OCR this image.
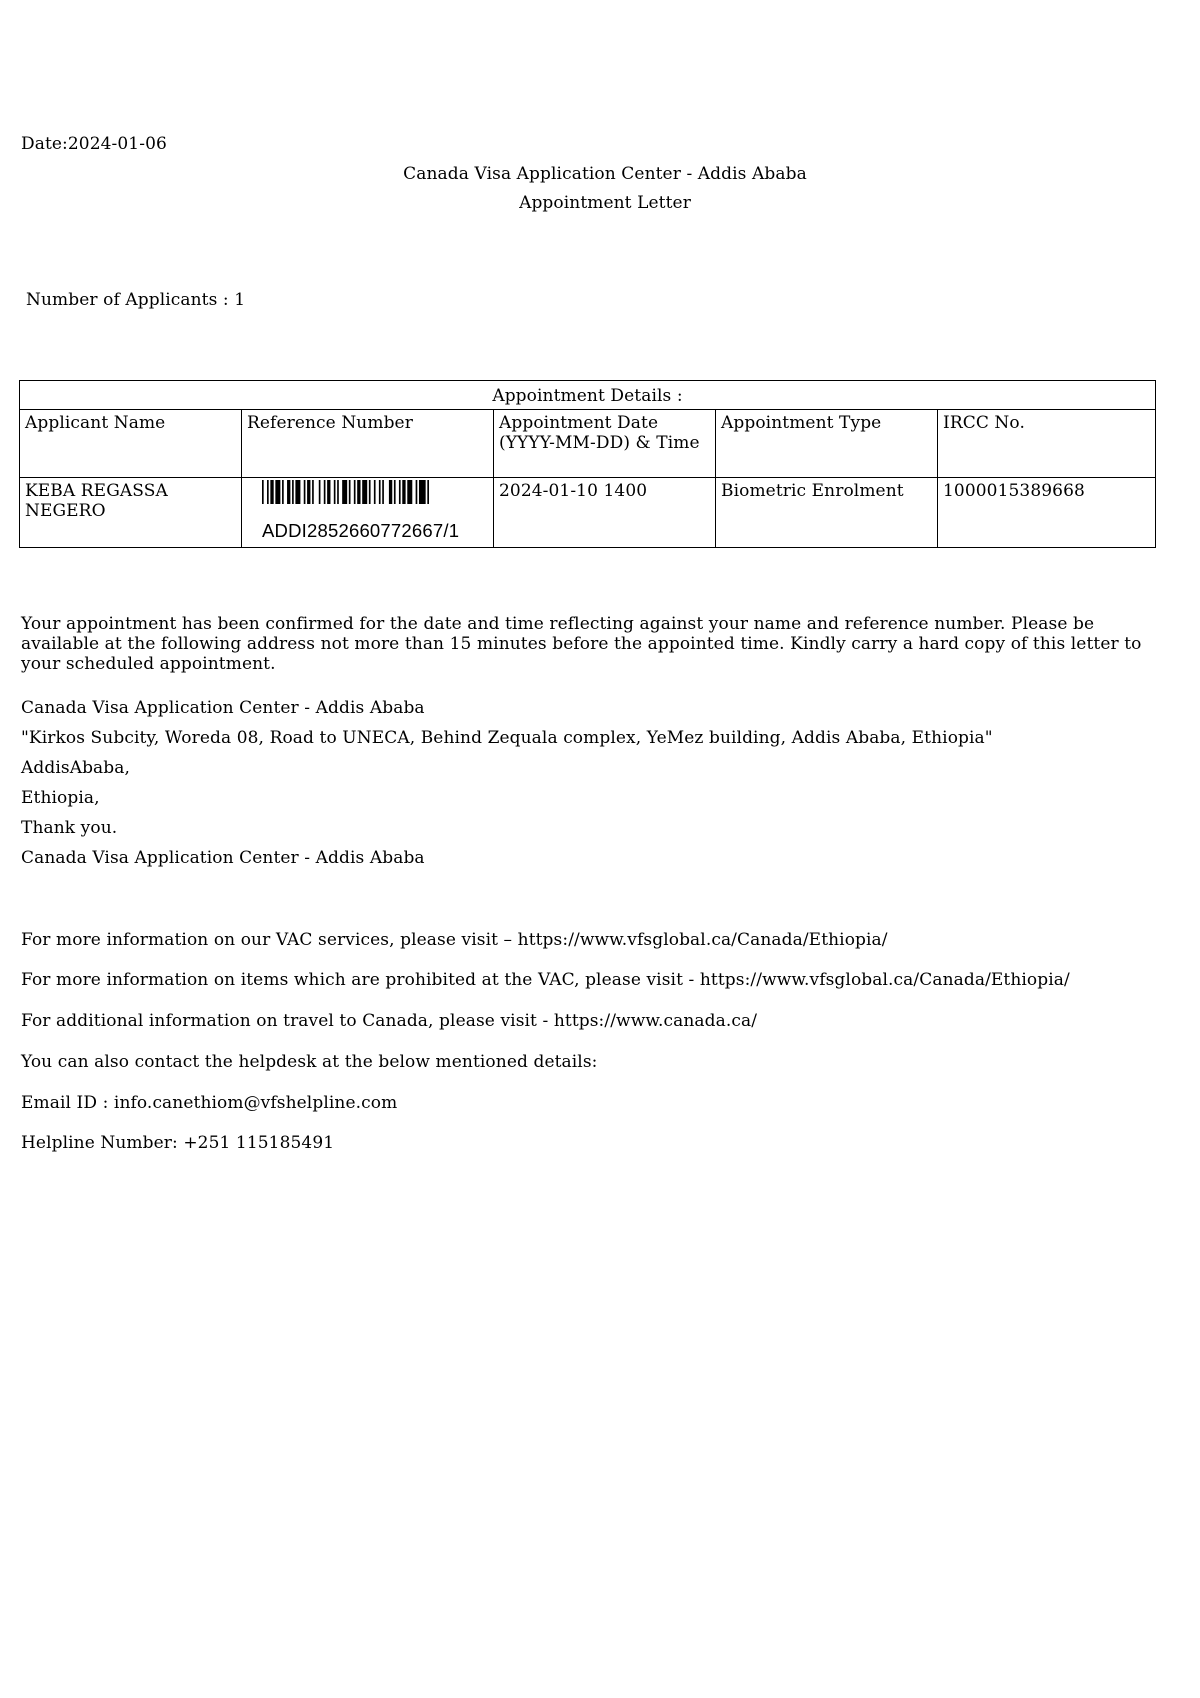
Date:2024-01-06
Canada Visa Application Center - Addis Ababa
Appointment Letter
Number of Applicants : 1
Appointment Details :				
Applicant Name	Reference Number	Appointment Date (YYYY-MM-DD) & Time	Appointment Type	IRCC No.
KEBA REGASSA NEGERO	ADDI2852660772667/1	2024-01-10 1400	Biometric Enrolment	1000015389668
Your appointment has been confirmed for the date and time reflecting against your name and reference number. Please be available at the following address not more than 15 minutes before the appointed time. Kindly carry a hard copy of this letter to your scheduled appointment.
Canada Visa Application Center - Addis Ababa
"Kirkos Subcity, Woreda 08, Road to UNECA, Behind Zequala complex, YeMez building, Addis Ababa, Ethiopia"
AddisAbaba,
Ethiopia,
Thank you.
Canada Visa Application Center - Addis Ababa
For more information on our VAC services, please visit – https://www.vfsglobal.ca/Canada/Ethiopia/
For more information on items which are prohibited at the VAC, please visit - https://www.vfsglobal.ca/Canada/Ethiopia/
For additional information on travel to Canada, please visit - https://www.canada.ca/
You can also contact the helpdesk at the below mentioned details:
Email ID : info.canethiom@vfshelpline.com
Helpline Number: +251 115185491
